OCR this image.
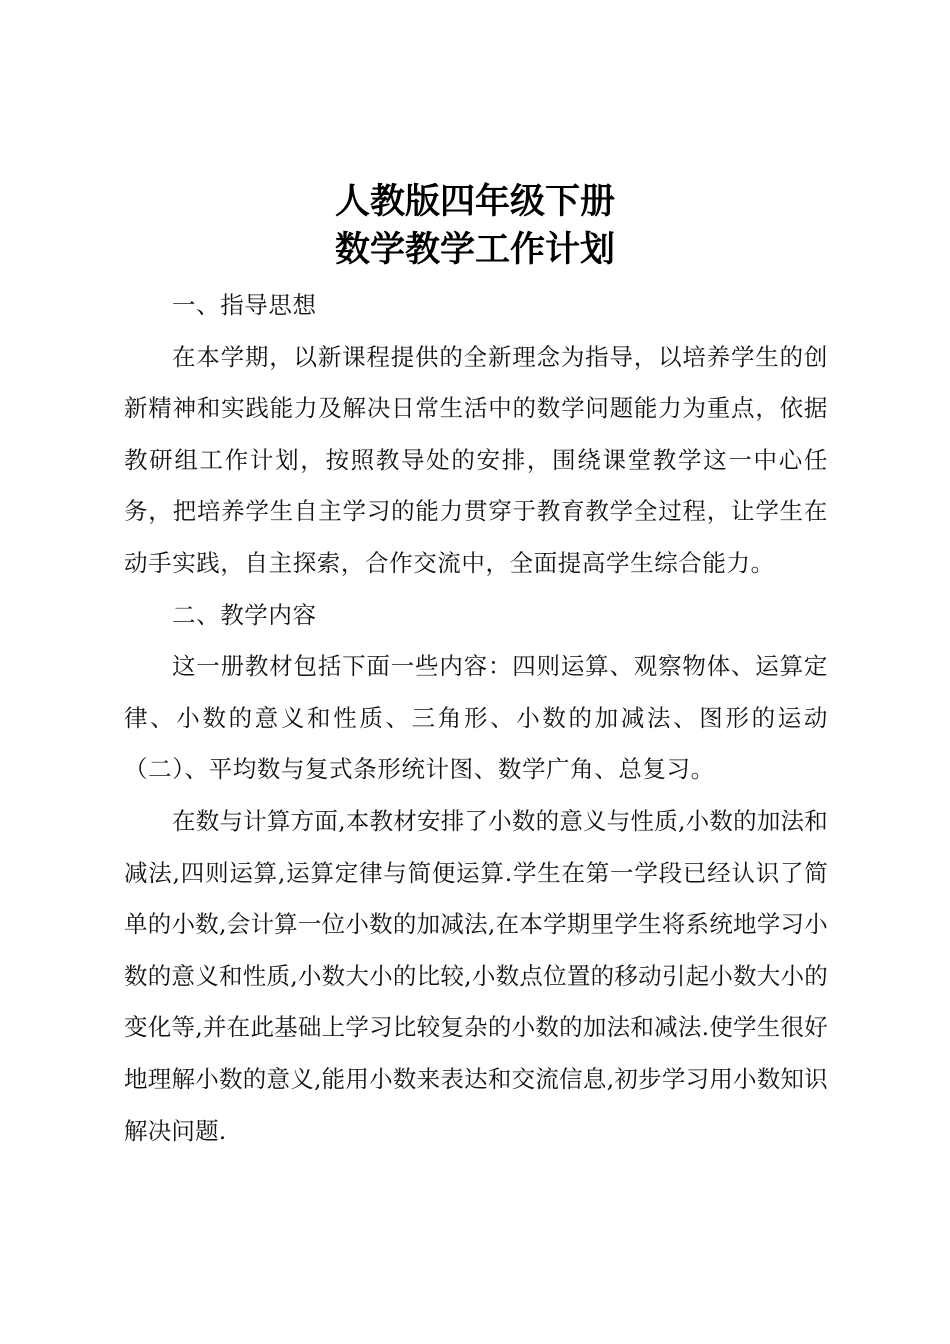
人教版四年级下册
数学教学工作计划

一、指导思想

在本学期，以新课程提供的全新理念为指导，以培养学生的创新精神和实践能力及解决日常生活中的数学问题能力为重点，依据教研组工作计划，按照教导处的安排，围绕课堂教学这一中心任务，把培养学生自主学习的能力贯穿于教育教学全过程，让学生在动手实践，自主探索，合作交流中，全面提高学生综合能力。

二、教学内容

这一册教材包括下面一些内容：四则运算、观察物体、运算定律、小数的意义和性质、三角形、小数的加减法、图形的运动（二）、平均数与复式条形统计图、数学广角、总复习。

在数与计算方面,本教材安排了小数的意义与性质,小数的加法和减法,四则运算,运算定律与简便运算.学生在第一学段已经认识了简单的小数,会计算一位小数的加减法,在本学期里学生将系统地学习小数的意义和性质,小数大小的比较,小数点位置的移动引起小数大小的变化等,并在此基础上学习比较复杂的小数的加法和减法.使学生很好地理解小数的意义,能用小数来表达和交流信息,初步学习用小数知识解决问题.
